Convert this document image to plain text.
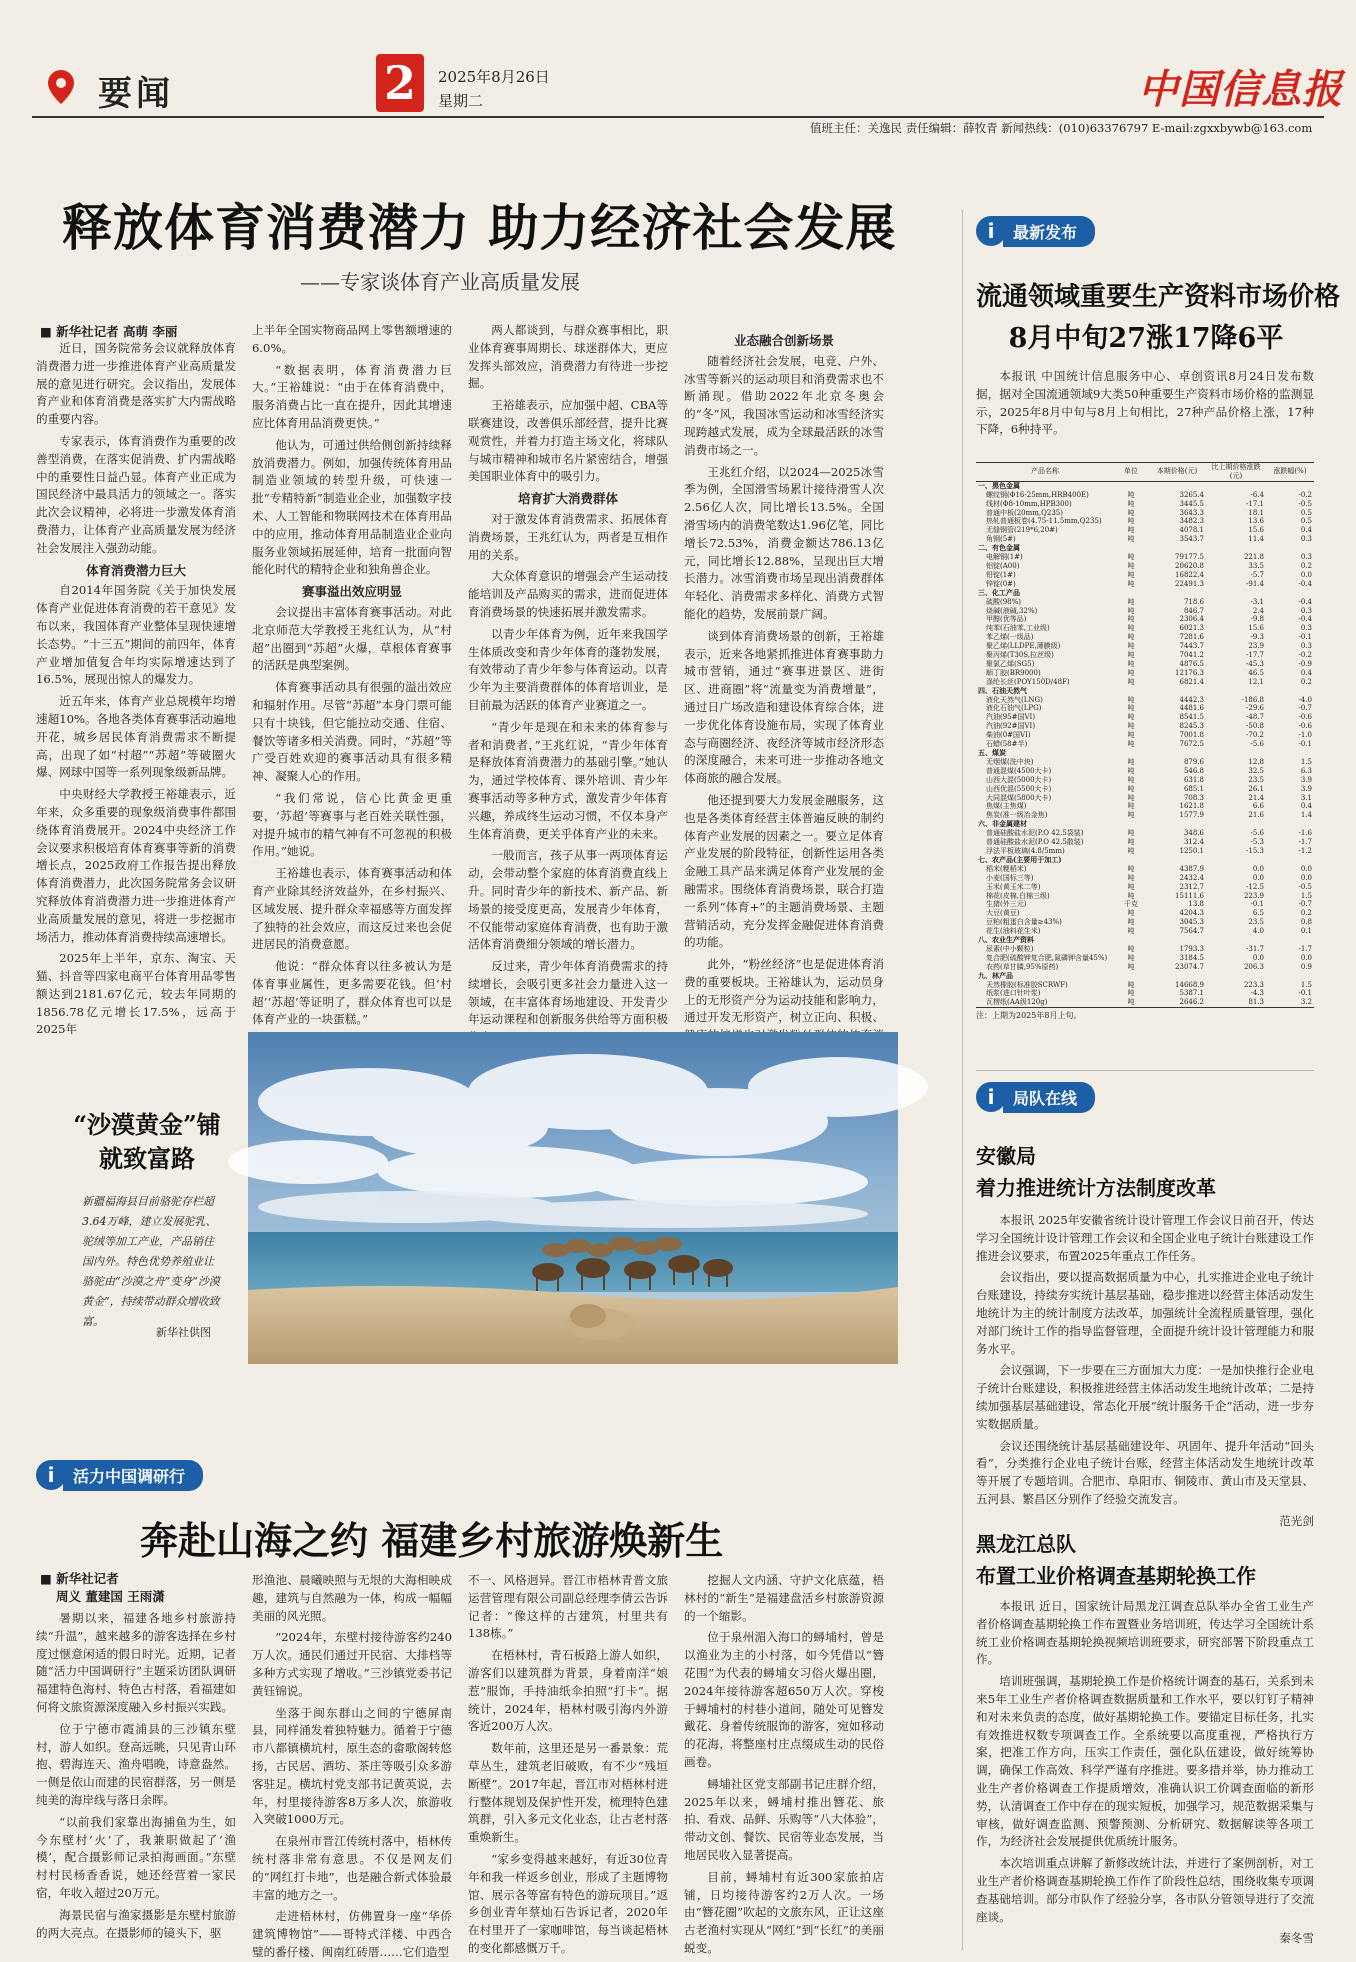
要闻	2 2025年8月26日
星期二	中国信息报
值班主任：关逸民 责任编辑：薛牧青 新闻热线：(010)63376797 E-mail:zgxxbywb@163.com
释放体育消费潜力 助力经济社会发展
——专家谈体育产业高质量发展
■ 新华社记者 高萌 李丽

近日，国务院常务会议就释放体育消费潜力进一步推进体育产业高质量发展的意见进行研究。会议指出，发展体育产业和体育消费是落实扩大内需战略的重要内容。

专家表示，体育消费作为重要的改善型消费，在落实促消费、扩内需战略中的重要性日益凸显。体育产业正成为国民经济中最具活力的领域之一。落实此次会议精神，必将进一步激发体育消费潜力，让体育产业高质量发展为经济社会发展注入强劲动能。

体育消费潜力巨大

自2014年国务院《关于加快发展体育产业促进体育消费的若干意见》发布以来，我国体育产业整体呈现快速增长态势。“十三五”期间的前四年，体育产业增加值复合年均实际增速达到了16.5%，展现出惊人的爆发力。

近五年来，体育产业总规模年均增速超10%。各地各类体育赛事活动遍地开花，城乡居民体育消费需求不断提高，出现了如“村超”“苏超”等破圈火爆、网球中国等一系列现象级新品牌。

中央财经大学教授王裕雄表示，近年来，众多重要的现象级消费事件都围绕体育消费展开。2024中央经济工作会议要求积极培育体育赛事等新的消费增长点，2025政府工作报告提出释放体育消费潜力，此次国务院常务会议研究释放体育消费潜力进一步推进体育产业高质量发展的意见，将进一步挖掘市场活力，推动体育消费持续高速增长。

2025年上半年，京东、淘宝、天猫、抖音等四家电商平台体育用品零售额达到2181.67亿元，较去年同期的1856.78亿元增长17.5%，远高于2025年

上半年全国实物商品网上零售额增速的6.0%。

“数据表明，体育消费潜力巨大。”王裕雄说：“由于在体育消费中，服务消费占比一直在提升，因此其增速应比体育用品消费更快。”

他认为，可通过供给侧创新持续释放消费潜力。例如，加强传统体育用品制造业领域的转型升级，可快速一批“专精特新”制造业企业，加强数字技术、人工智能和物联网技术在体育用品中的应用，推动体育用品制造业企业向服务业领域拓展延伸，培育一批面向智能化时代的精特企业和独角兽企业。

赛事溢出效应明显

会议提出丰富体育赛事活动。对此北京师范大学教授王兆红认为，从“村超”出圈到“苏超”火爆，草根体育赛事的活跃是典型案例。

体育赛事活动具有很强的溢出效应和辐射作用。尽管“苏超”本身门票可能只有十块钱，但它能拉动交通、住宿、餐饮等诸多相关消费。同时，“苏超”等广受百姓欢迎的赛事活动具有很多精神、凝聚人心的作用。

“我们常说，信心比黄金更重要，‘苏超’等赛事与老百姓关联性强，对提升城市的精气神有不可忽视的积极作用。”她说。

王裕雄也表示，体育赛事活动和体育产业除其经济效益外，在乡村振兴、区域发展、提升群众幸福感等方面发挥了独特的社会效应，而这反过来也会促进居民的消费意愿。

他说：“群众体育以往多被认为是体育事业属性，更多需要花钱。但‘村超’‘苏超’等证明了，群众体育也可以是体育产业的一块蛋糕。”

两人都谈到，与群众赛事相比，职业体育赛事周期长、球迷群体大，更应发挥头部效应，消费潜力有待进一步挖掘。

王裕雄表示，应加强中超、CBA等联赛建设，改善俱乐部经营，提升比赛观赏性，并着力打造主场文化，将球队与城市精神和城市名片紧密结合，增强美国职业体育中的吸引力。

培育扩大消费群体

对于激发体育消费需求、拓展体育消费场景，王兆红认为，两者是互相作用的关系。

大众体育意识的增强会产生运动技能培训及产品购买的需求，进而促进体育消费场景的快速拓展并激发需求。

以青少年体育为例，近年来我国学生体质改变和青少年体育的蓬勃发展，有效带动了青少年参与体育运动。以青少年为主要消费群体的体育培训业，是目前最为活跃的体育产业赛道之一。

“青少年是现在和未来的体育参与者和消费者，”王兆红说，“青少年体育是释放体育消费潜力的基础引擎。”她认为，通过学校体育、课外培训、青少年赛事活动等多种方式，激发青少年体育兴趣，养成终生运动习惯，不仅本身产生体育消费，更关乎体育产业的未来。

一般而言，孩子从事一两项体育运动，会带动整个家庭的体育消费直线上升。同时青少年的新技术、新产品、新场景的接受度更高，发展青少年体育，不仅能带动家庭体育消费，也有助于激活体育消费细分领域的增长潜力。

反过来，青少年体育消费需求的持续增长，会吸引更多社会力量进入这一领域，在丰富体育场地建设、开发青少年运动课程和创新服务供给等方面积极

业态融合创新场景

随着经济社会发展，电竞、户外、冰雪等新兴的运动项目和消费需求也不断涌现。借助2022年北京冬奥会的“冬”风，我国冰雪运动和冰雪经济实现跨越式发展，成为全球最活跃的冰雪消费市场之一。

王兆红介绍，以2024—2025冰雪季为例，全国滑雪场累计接待滑雪人次2.56亿人次，同比增长13.5%。全国滑雪场内的消费笔数达1.96亿笔，同比增长72.53%，消费金额达786.13亿元，同比增长12.88%，呈现出巨大增长潜力。冰雪消费市场呈现出消费群体年轻化、消费需求多样化、消费方式智能化的趋势，发展前景广阔。

谈到体育消费场景的创新，王裕雄表示，近来各地紧抓推进体育赛事助力城市营销，通过“赛事进景区、进街区、进商圈”将“流量变为消费增量”，通过日广场改造和建设体育综合体，进一步优化体育设施布局，实现了体育业态与商圈经济、夜经济等城市经济形态的深度融合，未来可进一步推动各地文体商旅的融合发展。

他还提到要大力发展金融服务，这也是各类体育经营主体普遍反映的制约体育产业发展的因素之一。要立足体育产业发展的阶段特征，创新性运用各类金融工具产品来满足体育产业发展的金融需求。围绕体育消费场景，联合打造一系列“体育+”的主题消费场景、主题营销活动，充分发挥金融促进体育消费的功能。

此外，“粉丝经济”也是促进体育消费的重要板块。王裕雄认为，运动员身上的无形资产分为运动技能和影响力，通过开发无形资产，树立正向、积极、

“沙漠黄金”铺就致富路
新疆福海县目前骆驼存栏超3.64万峰，建立发展驼乳、驼绒等加工产业，产品销往国内外。特色优势养殖业让骆驼由“沙漠之舟”变身“沙漠黄金”，持续带动群众增收致富。
新华社供图
i	活力中国调研行
奔赴山海之约 福建乡村旅游焕新生
■ 新华社记者
周义 董建国 王雨潇

暑期以来，福建各地乡村旅游持续“升温”，越来越多的游客选择在乡村度过惬意闲适的假日时光。近期，记者随“活力中国调研行”主题采访团队调研福建特色海村、特色古村落，看福建如何将文旅资源深度融入乡村振兴实践。

位于宁德市霞浦县的三沙镇东壁村，游人如织。登高远眺，只见青山环抱、碧海连天、渔舟唱晚，诗意盎然。一侧是依山而建的民宿群落，另一侧是纯美的海岸线与落日余晖。

“以前我们家靠出海捕鱼为生，如今东壁村‘火’了，我兼职做起了‘渔模’，配合摄影师记录拍海画面。”东壁村村民杨香香说，她还经营着一家民宿，年收入超过20万元。

海景民宿与渔家摄影是东壁村旅游的两大亮点。在摄影师的镜头下，驱

形渔池、晨曦映照与无垠的大海相映成趣，建筑与自然融为一体，构成一幅幅美丽的风光照。

“2024年，东壁村接待游客约240万人次。通民们通过开民宿、大排档等多种方式实现了增收。”三沙镇党委书记黄钰锦说。

坐落于闽东群山之间的宁德屏南县，同样涌发着独特魅力。循着于宁德市八都镇横坑村，原生态的畲歌阁转悠扬，古民居、酒坊、茶庄等吸引众多游客驻足。横坑村党支部书记黄英说，去年，村里接待游客8万多人次，旅游收入突破1000万元。

在泉州市晋江传统村落中，梧林传统村落非常有意思。不仅是网友们的“网红打卡地”，也是融合新式体验最丰富的地方之一。

走进梧林村，仿佛置身一座“华侨建筑博物馆”——哥特式洋楼、中西合璧的番仔楼、闽南红砖厝……它们造型

不一、风格迥异。晋江市梧林青普文旅运营管理有限公司副总经理李倩云告诉记者：“像这样的古建筑，村里共有138栋。”

在梧林村，青石板路上游人如织，游客们以建筑群为背景，身着南洋“娘惹”服饰，手持油纸伞拍照“打卡”。据统计，2024年，梧林村吸引海内外游客近200万人次。

数年前，这里还是另一番景象：荒草丛生，建筑老旧破败，有不少“残垣断壁”。2017年起，晋江市对梧林村进行整体规划及保护性开发，梳理特色建筑群，引入多元文化业态，让古老村落重焕新生。

“家乡变得越来越好，有近30位青年和我一样返乡创业，形成了主题博物馆、展示各等富有特色的游玩项目。”返乡创业青年蔡灿石告诉记者，2020年在村里开了一家咖啡馆，每当谈起梧林的变化都感慨万千。

挖掘人文内涵、守护文化底蕴，梧林村的“新生”是福建盘活乡村旅游资源的一个缩影。

位于泉州湄入海口的蟳埔村，曾是以渔业为主的小村落，如今凭借以“簪花围”为代表的蟳埔女习俗火爆出圈，2024年接待游客超650万人次。穿梭于蟳埔村的村巷小道间，随处可见簪发戴花、身着传统服饰的游客，宛如移动的花海，将整座村庄点缀成生动的民俗画卷。

蟳埔社区党支部副书记庄群介绍，2025年以来，蟳埔村推出簪花、旅拍、看戏、品鲜、乐购等“八大体验”，带动文创、餐饮、民宿等业态发展，当地居民收入显著提高。

目前，蟳埔村有近300家旅拍店铺，日均接待游客约2万人次。一场由“簪花圈”吹起的文旅东风，正让这座古老渔村实现从“网红”到“长红”的美丽蜕变。

i	最新发布
流通领域重要生产资料市场价格
8月中旬27涨17降6平
本报讯 中国统计信息服务中心、卓创资讯8月24日发布数据，据对全国流通领域9大类50种重要生产资料市场价格的监测显示，2025年8月中旬与8月上旬相比，27种产品价格上涨，17种下降，6种持平。
产品名称	单位	本期价格(元)	比上期价格涨跌(元)	涨跌幅(%)
一、黑色金属				
螺纹钢(Φ16-25mm,HRB400E)	吨	3265.4	-6.4	-0.2
线材(Φ8-10mm,HPB300)	吨	3445.5	-17.1	-0.5
普通中板(20mm,Q235)	吨	3643.3	18.1	0.5
热轧普通板卷(4.75-11.5mm,Q235)	吨	3482.3	13.6	0.5
无缝钢管(219*6,20#)	吨	4078.1	15.6	0.4
角钢(5#)	吨	3543.7	11.4	0.3
二、有色金属				
电解铜(1#)	吨	79177.5	221.8	0.3
铝锭(A00)	吨	20620.8	33.5	0.2
铅锭(1#)	吨	16822.4	-5.7	0.0
锌锭(0#)	吨	22491.3	-91.4	-0.4
三、化工产品				
硫酸(98%)	吨	718.6	-3.1	-0.4
烧碱(液碱,32%)	吨	846.7	2.4	0.3
甲醇(优等品)	吨	2306.4	-9.8	-0.4
纯苯(石油苯,工业级)	吨	6021.3	15.6	0.3
苯乙烯(一级品)	吨	7281.6	-9.3	-0.1
聚乙烯(LLDPE,薄膜级)	吨	7443.7	23.9	0.3
聚丙烯(T30S,拉丝级)	吨	7041.2	-17.7	-0.2
聚氯乙烯(SG5)	吨	4876.5	-45.3	-0.9
顺丁胶(BR9000)	吨	12176.3	46.5	0.4
涤纶长丝(POY150D/48F)	吨	6821.4	12.1	0.2
四、石油天然气				
液化天然气(LNG)	吨	4442.3	-186.8	-4.0
液化石油气(LPG)	吨	4481.6	-29.6	-0.7
汽油(95#国VI)	吨	8541.5	-48.7	-0.6
汽油(92#国VI)	吨	8245.3	-50.8	-0.6
柴油(0#国VI)	吨	7001.8	-70.2	-1.0
石蜡(58#半)	吨	7672.5	-5.6	-0.1
五、煤炭				
无烟煤(洗中块)	吨	879.6	12.8	1.5
普通混煤(4500大卡)	吨	546.8	32.5	6.3
山西大混(5000大卡)	吨	631.8	23.5	3.9
山西优混(5500大卡)	吨	685.1	26.1	3.9
大同混煤(5800大卡)	吨	708.3	21.4	3.1
焦煤(主焦煤)	吨	1621.8	6.6	0.4
焦炭(准一级冶金焦)	吨	1577.9	21.6	1.4
六、非金属建材				
普通硅酸盐水泥(P.O 42.5袋装)	吨	348.6	-5.6	-1.6
普通硅酸盐水泥(P.O 42.5散装)	吨	312.4	-5.3	-1.7
浮法平板玻璃(4.8/5mm)	吨	1250.1	-15.3	-1.2
七、农产品(主要用于加工)				
稻米(粳稻米)	吨	4387.9	0.0	0.0
小麦(国标三等)	吨	2432.4	0.0	0.0
玉米(黄玉米二等)	吨	2312.7	-12.5	-0.5
棉花(皮棉,白棉三级)	吨	15111.6	223.9	1.5
生猪(外三元)	千克	13.8	-0.1	-0.7
大豆(黄豆)	吨	4204.3	6.5	0.2
豆粕(粗蛋白含量≥43%)	吨	3045.3	23.5	0.8
花生(油料花生米)	吨	7564.7	4.0	0.1
八、农业生产资料				
尿素(中小颗粒)	吨	1793.3	-31.7	-1.7
复合肥(硫酸钾复合肥,氮磷钾含量45%)	吨	3184.5	0.0	0.0
农药(草甘膦,95%原药)	吨	23074.7	206.3	0.9
九、林产品				
天然橡胶(标准胶SCRWF)	吨	14668.9	223.3	1.5
纸浆(进口针叶浆)	吨	5387.1	-4.3	-0.1
瓦楞纸(AA级120g)	吨	2646.2	81.3	3.2
注：上期为2025年8月上旬。
i	局队在线
安徽局
着力推进统计方法制度改革

本报讯 2025年安徽省统计设计管理工作会议日前召开，传达学习全国统计设计管理工作会议和全国企业电子统计台账建设工作推进会议要求，布置2025年重点工作任务。

会议指出，要以提高数据质量为中心，扎实推进企业电子统计台账建设，持续夯实统计基层基础，稳步推进以经营主体活动发生地统计为主的统计制度方法改革，加强统计全流程质量管理，强化对部门统计工作的指导监督管理，全面提升统计设计管理能力和服务水平。

会议强调，下一步要在三方面加大力度：一是加快推行企业电子统计台账建设，积极推进经营主体活动发生地统计改革；二是持续加强基层基础建设，常态化开展“统计服务千企”活动，进一步夯实数据质量。

会议还围绕统计基层基础建设年、巩固年、提升年活动“回头看”，分类推行企业电子统计台账，经营主体活动发生地统计改革等开展了专题培训。合肥市、阜阳市、铜陵市、黄山市及天堂县、五河县、繁昌区分别作了经验交流发言。

范光剑

黑龙江总队
布置工业价格调查基期轮换工作

本报讯 近日，国家统计局黑龙江调查总队举办全省工业生产者价格调查基期轮换工作布置暨业务培训班，传达学习全国统计系统工业价格调查基期轮换视频培训班要求，研究部署下阶段重点工作。

培训班强调，基期轮换工作是价格统计调查的基石，关系到未来5年工业生产者价格调查数据质量和工作水平，要以钉钉子精神和对未来负责的态度，做好基期轮换工作。要锚定目标任务，扎实有效推进权数专项调查工作。全系统要以高度重视，严格执行方案，把准工作方向，压实工作责任，强化队伍建设，做好统筹协调，确保工作高效、科学严谨有序推进。要多措并举，协力推动工业生产者价格调查工作提质增效，准确认识工价调查面临的新形势，认清调查工作中存在的现实短板，加强学习，规范数据采集与审核，做好调查监测、预警预测、分析研究、数据解读等各项工作，为经济社会发展提供优质统计服务。

本次培训重点讲解了新修改统计法，并进行了案例剖析，对工业生产者价格调查基期轮换工作作了阶段性总结，围绕收集专项调查基础培训。部分市队作了经验分享，各市队分管领导进行了交流座谈。

秦冬雪
